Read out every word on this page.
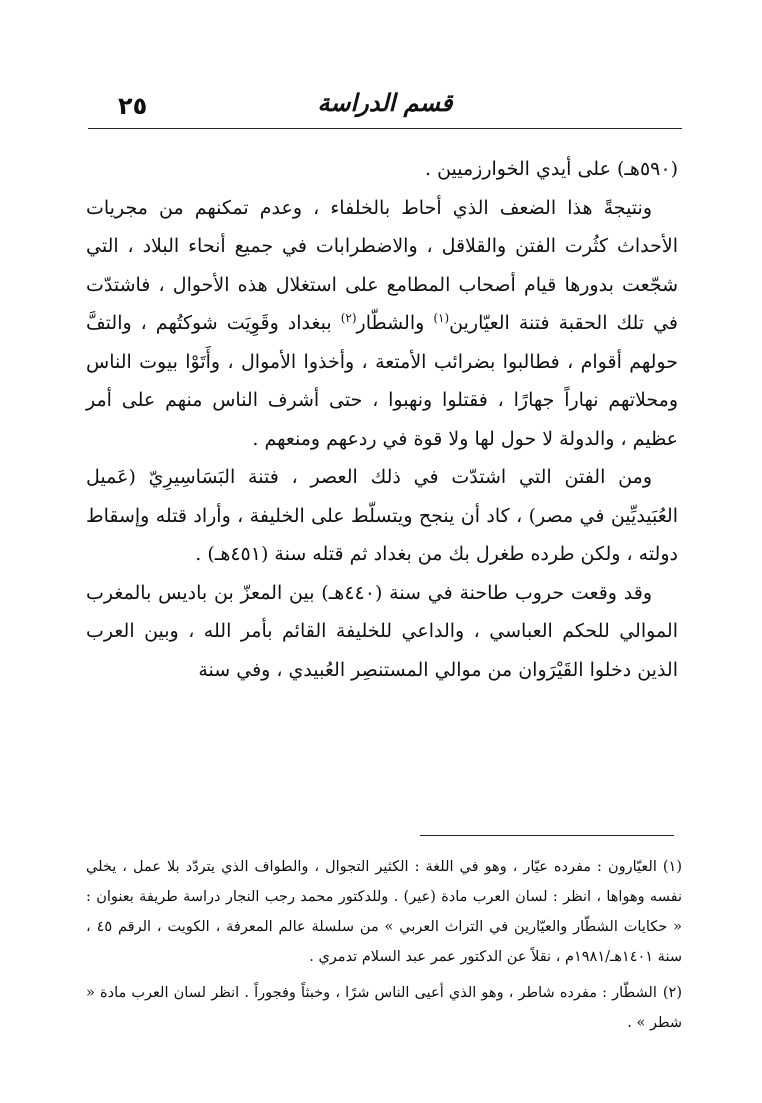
٢٥	قسم الدراسة

(٥٩٠هـ) على أيدي الخوارزميين .

ونتيجةً هذا الضعف الذي أحاط بالخلفاء ، وعدم تمكنهم من مجريات الأحداث كثُرت الفتن والقلاقل ، والاضطرابات في جميع أنحاء البلاد ، التي شجّعت بدورها قيام أصحاب المطامع على استغلال هذه الأحوال ، فاشتدّت في تلك الحقبة فتنة العيّارين$^{(١)}$ والشطّار$^{(٢)}$ ببغداد وقَوِيَت شوكتُهم ، والتفَّ حولهم أقوام ، فطالبوا بضرائب الأمتعة ، وأخذوا الأموال ، وأَتَوْا بيوت الناس ومحلاتهم نهاراً جهارًا ، فقتلوا ونهبوا ، حتى أشرف الناس منهم على أمر عظيم ، والدولة لا حول لها ولا قوة في ردعهم ومنعهم .

ومن الفتن التي اشتدّت في ذلك العصر ، فتنة البَسَاسِيرِيّ (عَميل العُبَيديِّين في مصر) ، كاد أن ينجح ويتسلّط على الخليفة ، وأراد قتله وإسقاط دولته ، ولكن طرده طغرل بك من بغداد ثم قتله سنة (٤٥١هـ) .

وقد وقعت حروب طاحنة في سنة (٤٤٠هـ) بين المعزّ بن باديس بالمغرب الموالي للحكم العباسي ، والداعي للخليفة القائم بأمر الله ، وبين العرب الذين دخلوا القَيْرَوان من موالي المستنصِر العُبيدي ، وفي سنة

(١)العيّارون : مفرده عيّار ، وهو في اللغة : الكثير التجوال ، والطواف الذي يتردّد بلا عمل ، يخلي نفسه وهواها ، انظر : لسان العرب مادة (عير) . وللدكتور محمد رجب النجار دراسة طريفة بعنوان : « حكايات الشطّار والعيّارين في التراث العربي » من سلسلة عالم المعرفة ، الكويت ، الرقم ٤٥ ، سنة ١٤٠١هـ/١٩٨١م ، نقلاً عن الدكتور عمر عبد السلام تدمري .

(٢)الشطّار : مفرده شاطر ، وهو الذي أعيى الناس شرًا ، وخبثاً وفجوراً . انظر لسان العرب مادة « شطر » .
